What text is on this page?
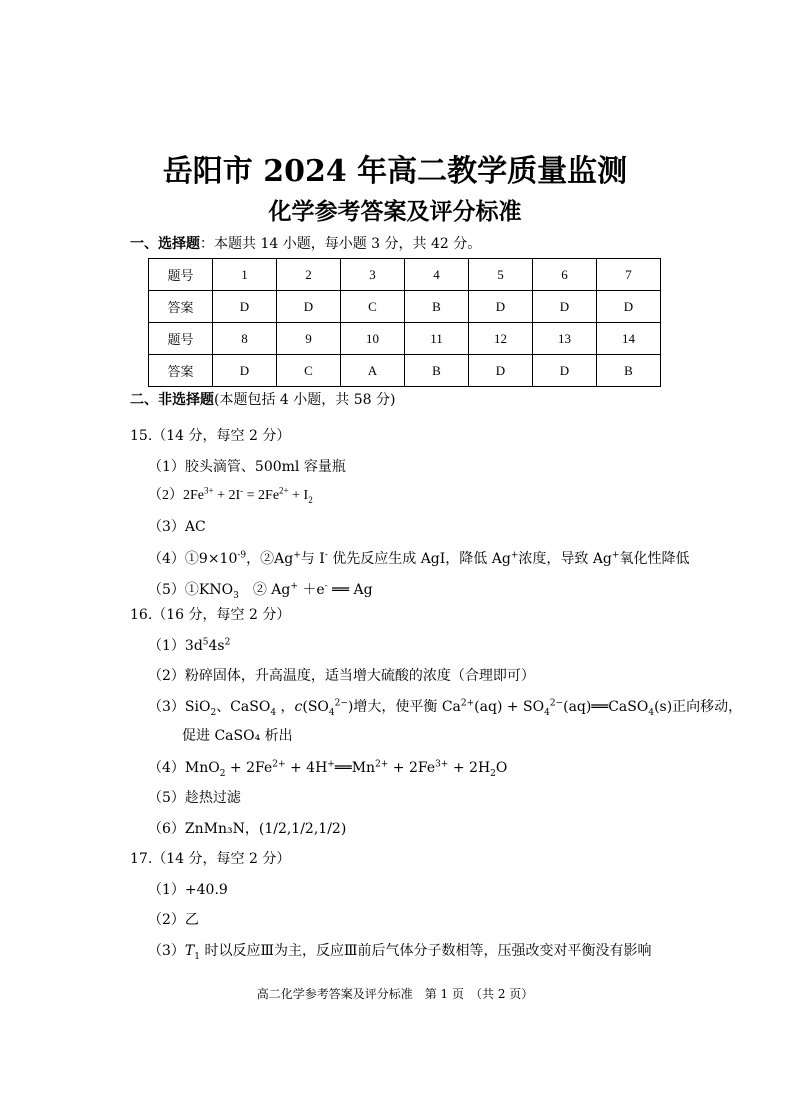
岳阳市 2024 年高二教学质量监测
化学参考答案及评分标准
一、选择题：本题共 14 小题，每小题 3 分，共 42 分。
题号	1	2	3	4	5	6	7
答案	D	D	C	B	D	D	D
题号	8	9	10	11	12	13	14
答案	D	C	A	B	D	D	B
二、非选择题(本题包括 4 小题，共 58 分)
15.（14 分，每空 2 分）
（1）胶头滴管、500ml 容量瓶
$(2)2Fe^{3+} + 2I^- = 2Fe^{2+} + I_2$
（3）AC
$(4)①9\times 10^{-9}$，②Ag+与 I- 优先反应生成 AgI，降低 Ag+浓度，导致 Ag+氧化性降低
$(5)①KNO_3$　② Ag+ ＋e- ══ Ag
16.（16 分，每空 2 分）
$(1)3d^54s^2$
（2）粉碎固体，升高温度，适当增大硫酸的浓度（合理即可）
（3）SiO$_2$、CaSO$_4$ ，$c(SO_4^{2-})$增大，使平衡 $Ca^{2+}(aq)$ + $SO_4^{2-}(aq)══CaSO_4(s)$正向移动，
促进 CaSO₄ 析出
$(4)MnO_2 + 2Fe^{2+}$ + $4H^+══Mn^{2+} + 2Fe^{3+} + 2H_2O$
（5）趁热过滤
（6）ZnMn₃N，(1/2,1/2,1/2)
17.（14 分，每空 2 分）
（1）+40.9
（2）乙
$(3)T_1$ 时以反应Ⅲ为主，反应Ⅲ前后气体分子数相等，压强改变对平衡没有影响
高二化学参考答案及评分标准　第 1 页　（共 2 页）
